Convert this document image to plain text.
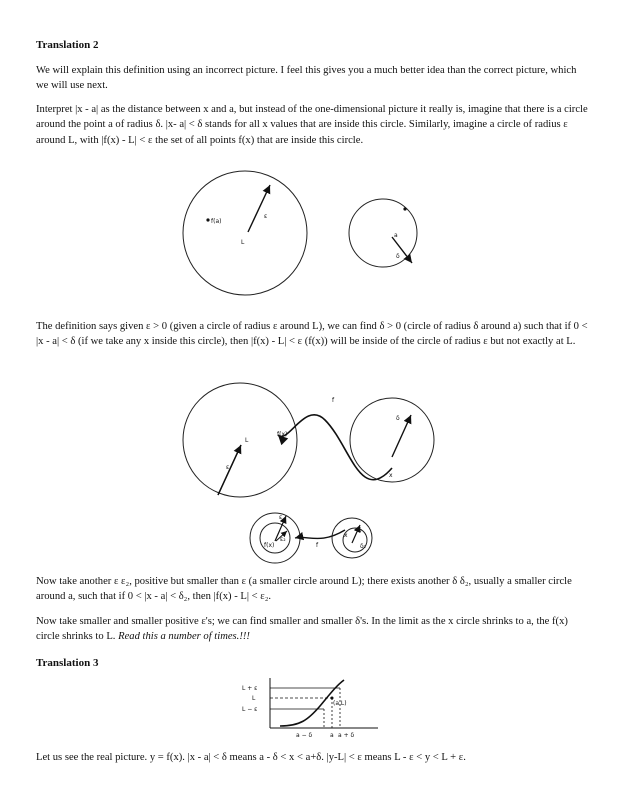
Translation 2

We will explain this definition using an incorrect picture. I feel this gives you a much better idea than the correct picture, which we will use next.

Interpret |x - a| as the distance between x and a, but instead of the one-dimensional picture it really is, imagine that there is a circle around the point a of radius δ. |x- a| < δ stands for all x values that are inside this circle. Similarly, imagine a circle of radius ε around L, with |f(x) - L| < ε the set of all points f(x) that are inside this circle.

f(a)
ε
L
a
δ

The definition says given ε > 0 (given a circle of radius ε around L), we can find δ > 0 (circle of radius δ around a) such that if 0 < |x - a| < δ (if we take any x inside this circle), then |f(x) - L| < ε (f(x)) will be inside of the circle of radius ε but not exactly at L.

L
ε
f(x)
f
δ
x
ε
ε₂
f(x)	f
x
δ
δ₂

Now take another ε ε₂, positive but smaller than ε (a smaller circle around L); there exists another δ δ₂, usually a smaller circle around a, such that if 0 < |x - a| < δ₂, then |f(x) - L| < ε₂.

Now take smaller and smaller positive ε's; we can find smaller and smaller δ's. In the limit as the x circle shrinks to a, the f(x) circle shrinks to L. Read this a number of times.!!!

Translation 3

L + ε
L
L − ε
(a,L)
a − δ	a a + δ

Let us see the real picture. y = f(x). |x - a| < δ means a - δ < x < a+δ. |y-L| < ε means L - ε < y < L + ε.
